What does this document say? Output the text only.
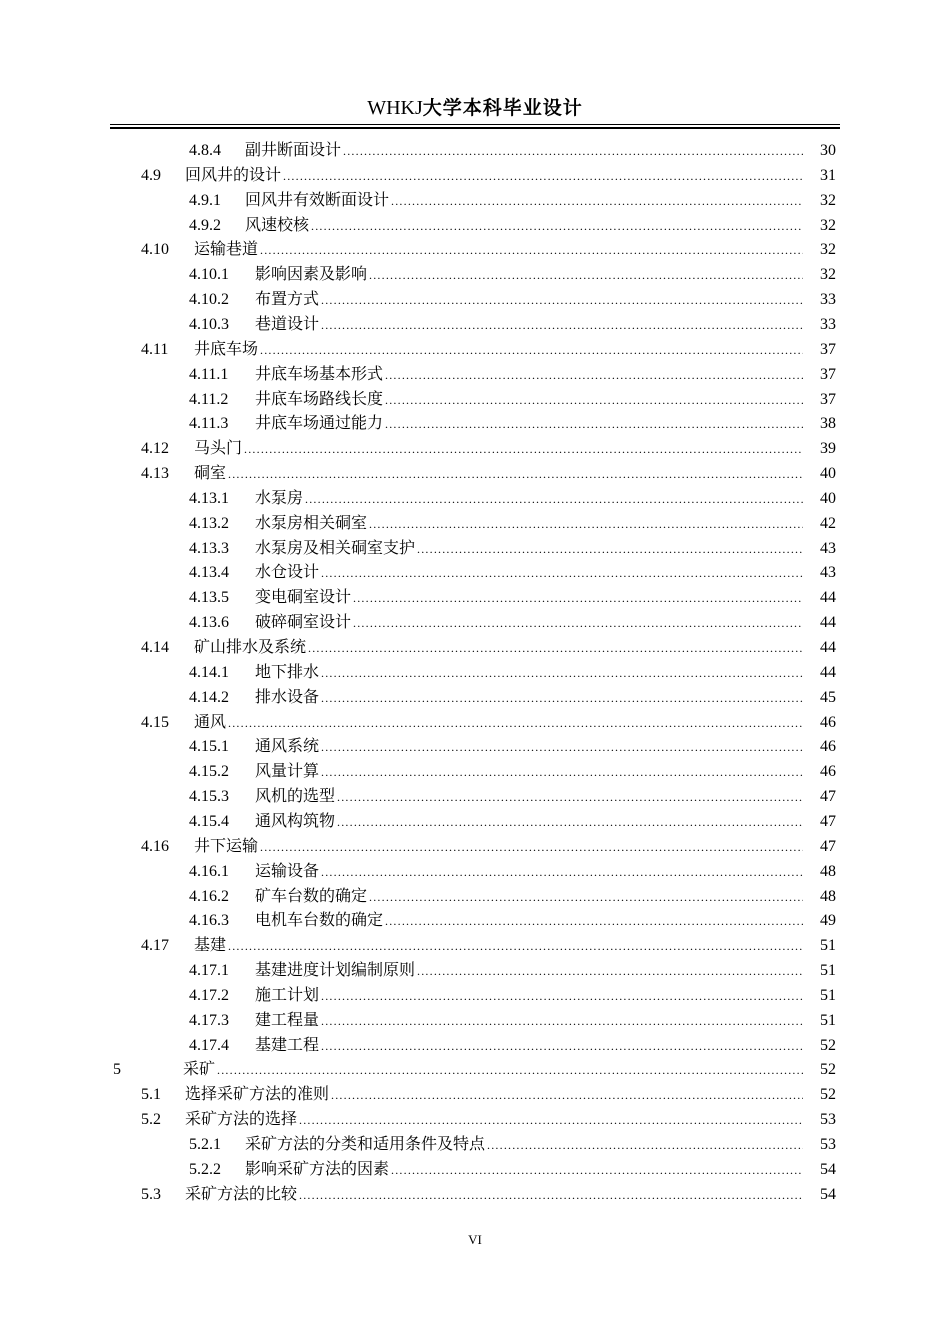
WHKJ大学本科毕业设计
4.8.4	副井断面设计 .....	30
4.9	回风井的设计 .....	31
4.9.1	回风井有效断面设计 .....	32
4.9.2	风速校核 .....	32
4.10	运输巷道 .....	32
4.10.1	影响因素及影响 .....	32
4.10.2	布置方式 .....	33
4.10.3	巷道设计 .....	33
4.11	井底车场 .....	37
4.11.1	井底车场基本形式 .....	37
4.11.2	井底车场路线长度 .....	37
4.11.3	井底车场通过能力 .....	38
4.12	马头门 .....	39
4.13	硐室 .....	40
4.13.1	水泵房 .....	40
4.13.2	水泵房相关硐室 .....	42
4.13.3	水泵房及相关硐室支护 .....	43
4.13.4	水仓设计 .....	43
4.13.5	变电硐室设计 .....	44
4.13.6	破碎硐室设计 .....	44
4.14	矿山排水及系统 .....	44
4.14.1	地下排水 .....	44
4.14.2	排水设备 .....	45
4.15	通风 .....	46
4.15.1	通风系统 .....	46
4.15.2	风量计算 .....	46
4.15.3	风机的选型 .....	47
4.15.4	通风构筑物 .....	47
4.16	井下运输 .....	47
4.16.1	运输设备 .....	48
4.16.2	矿车台数的确定 .....	48
4.16.3	电机车台数的确定 .....	49
4.17	基建 .....	51
4.17.1	基建进度计划编制原则 .....	51
4.17.2	施工计划 .....	51
4.17.3	建工程量 .....	51
4.17.4	基建工程 .....	52
5	采矿 .....	52
5.1	选择采矿方法的准则 .....	52
5.2	采矿方法的选择 .....	53
5.2.1	采矿方法的分类和适用条件及特点 .....	53
5.2.2	影响采矿方法的因素 .....	54
5.3	采矿方法的比较 .....	54
VI
